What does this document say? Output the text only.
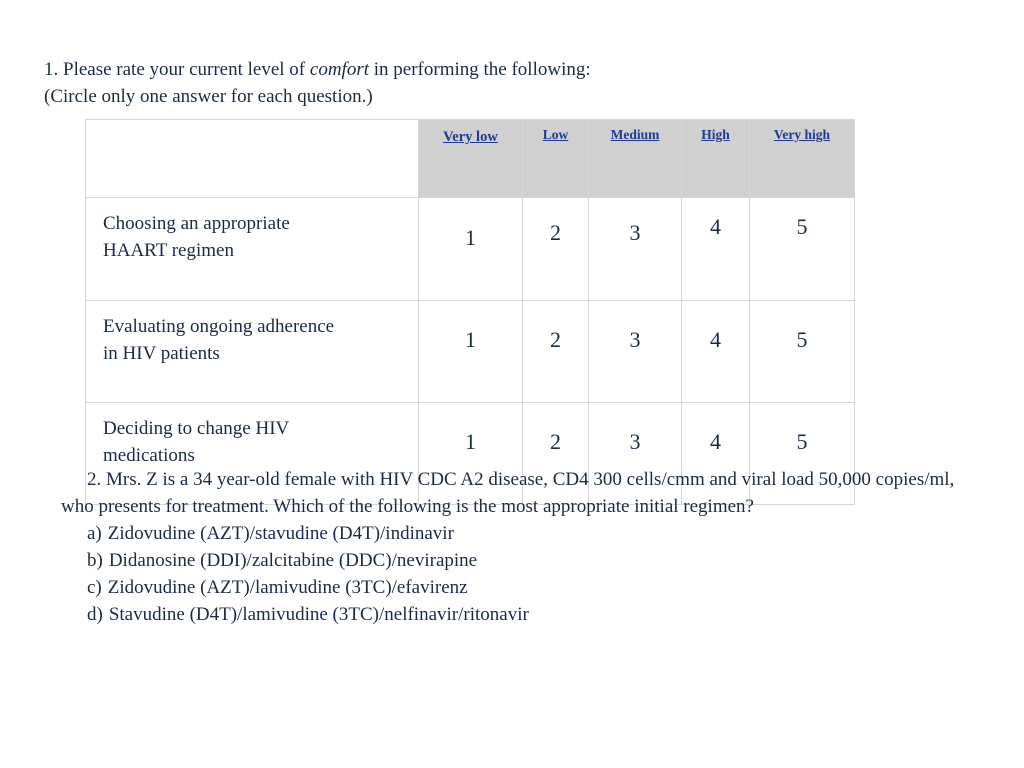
1. Please rate your current level of comfort in performing the following:
(Circle only one answer for each question.)
	Very low	Low	Medium	High	Very high
Choosing an appropriate
HAART regimen	1	2	3	4	5
Evaluating ongoing adherence
in HIV patients	1	2	3	4	5
Deciding to change HIV
medications	1	2	3	4	5
2. Mrs. Z is a 34 year-old female with HIV CDC A2 disease, CD4 300 cells/cmm and viral load 50,000 copies/ml, who presents for treatment. Which of the following is the most appropriate initial regimen?
a) Zidovudine (AZT)/stavudine (D4T)/indinavir
b) Didanosine (DDI)/zalcitabine (DDC)/nevirapine
c) Zidovudine (AZT)/lamivudine (3TC)/efavirenz
d) Stavudine (D4T)/lamivudine (3TC)/nelfinavir/ritonavir
